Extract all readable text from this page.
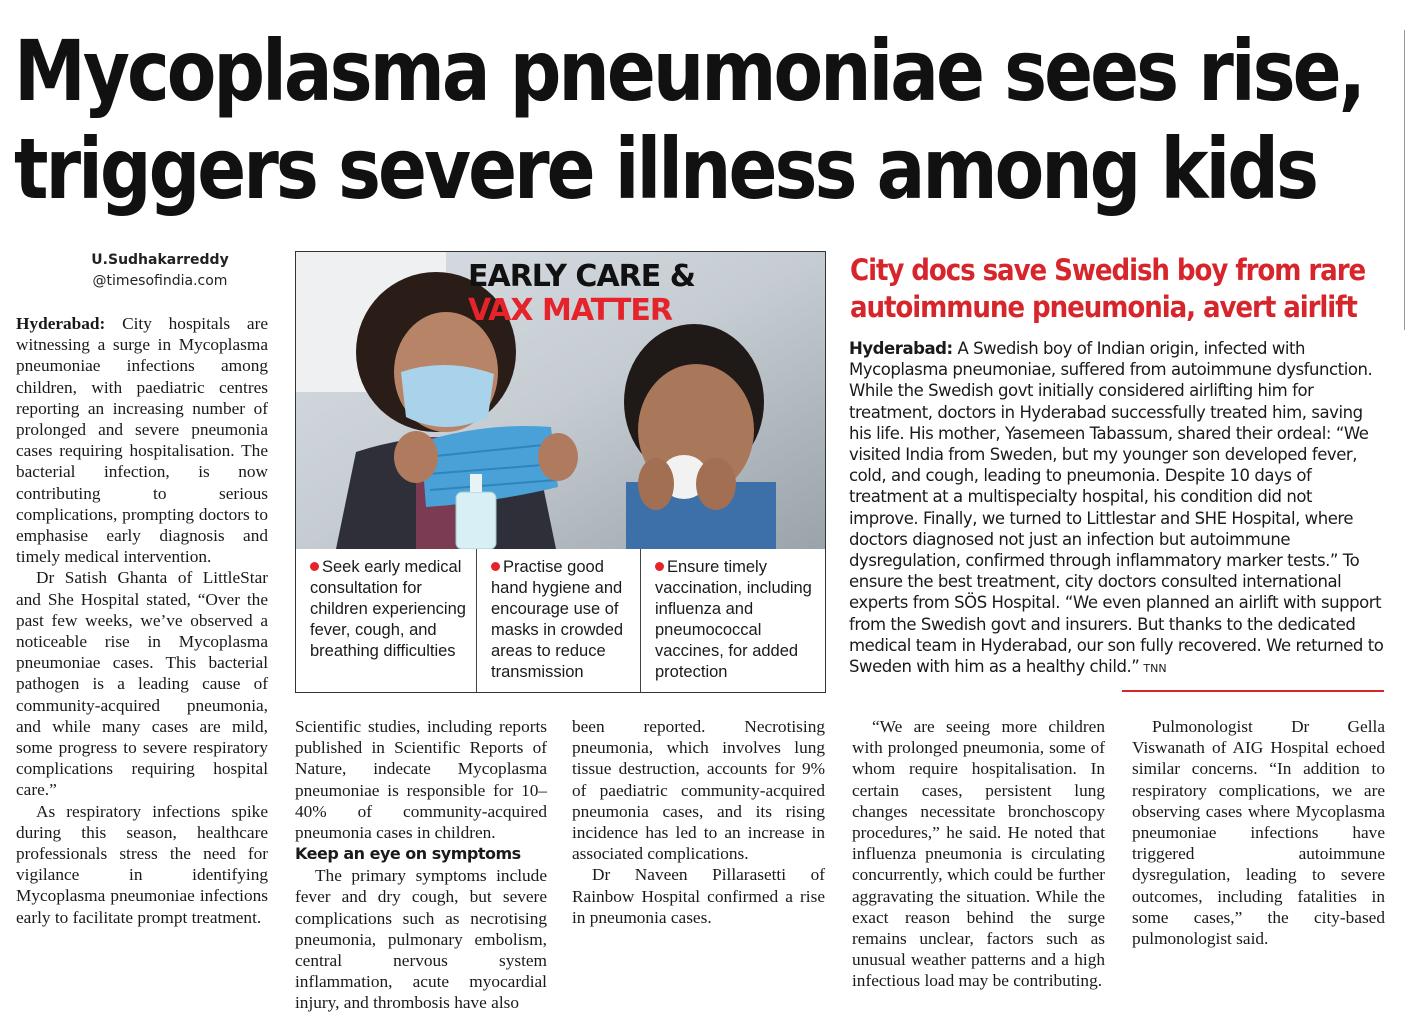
Mycoplasma pneumoniae sees rise,
triggers severe illness among kids
U.Sudhakarreddy
@timesofindia.com

Hyderabad: City hospitals are witnessing a surge in Mycoplasma pneumoniae infections among children, with paediatric centres reporting an increasing number of prolonged and severe pneumonia cases requiring hospitalisation. The bacterial infection, is now contributing to serious complications, prompting doctors to emphasise early diagnosis and timely medical intervention.

Dr Satish Ghanta of LittleStar and She Hospital stated, “Over the past few weeks, we’ve observed a noticeable rise in Mycoplasma pneumoniae cases. This bacterial pathogen is a leading cause of community-acquired pneumonia, and while many cases are mild, some progress to severe respiratory complications requiring hospital care.”

As respiratory infections spike during this season, healthcare professionals stress the need for vigilance in identifying Mycoplasma pneumoniae infections early to facilitate prompt treatment.

EARLY CARE &
VAX MATTER
Seek early medical consultation for children experiencing fever, cough, and breathing difficulties
Practise good hand hygiene and encourage use of masks in crowded areas to reduce transmission
Ensure timely vaccination, including influenza and pneumococcal vaccines, for added protection
City docs save Swedish boy from rare
autoimmune pneumonia, avert airlift
Hyderabad: A Swedish boy of Indian origin, infected with Mycoplasma pneumoniae, suffered from autoimmune dysfunction. While the Swedish govt initially considered airlifting him for treatment, doctors in Hyderabad successfully treated him, saving his life. His mother, Yasemeen Tabassum, shared their ordeal: “We visited India from Sweden, but my younger son developed fever, cold, and cough, leading to pneumonia. Despite 10 days of treatment at a multispecialty hospital, his condition did not improve. Finally, we turned to Littlestar and SHE Hospital, where doctors diagnosed not just an infection but autoimmune dysregulation, confirmed through inflammatory marker tests.” To ensure the best treatment, city doctors consulted international experts from SÖS Hospital. “We even planned an airlift with support from the Swedish govt and insurers. But thanks to the dedicated medical team in Hyderabad, our son fully recovered. We returned to Sweden with him as a healthy child.” TNN

Scientific studies, including reports published in Scientific Reports of Nature, indecate Mycoplasma pneumoniae is responsible for 10–40% of community-acquired pneumonia cases in children.

Keep an eye on symptoms

The primary symptoms include fever and dry cough, but severe complications such as necrotising pneumonia, pulmonary embolism, central nervous system inflammation, acute myocardial injury, and thrombosis have also

been reported. Necrotising pneumonia, which involves lung tissue destruction, accounts for 9% of paediatric community-acquired pneumonia cases, and its rising incidence has led to an increase in associated complications.

Dr Naveen Pillarasetti of Rainbow Hospital confirmed a rise in pneumonia cases.

“We are seeing more children with prolonged pneumonia, some of whom require hospitalisation. In certain cases, persistent lung changes necessitate bronchoscopy procedures,” he said. He noted that influenza pneumonia is circulating concurrently, which could be further aggravating the situation. While the exact reason behind the surge remains unclear, factors such as unusual weather patterns and a high infectious load may be contributing.

Pulmonologist Dr Gella Viswanath of AIG Hospital echoed similar concerns. “In addition to respiratory complications, we are observing cases where Mycoplasma pneumoniae infections have triggered autoimmune dysregulation, leading to severe outcomes, including fatalities in some cases,” the city-based pulmonologist said.
